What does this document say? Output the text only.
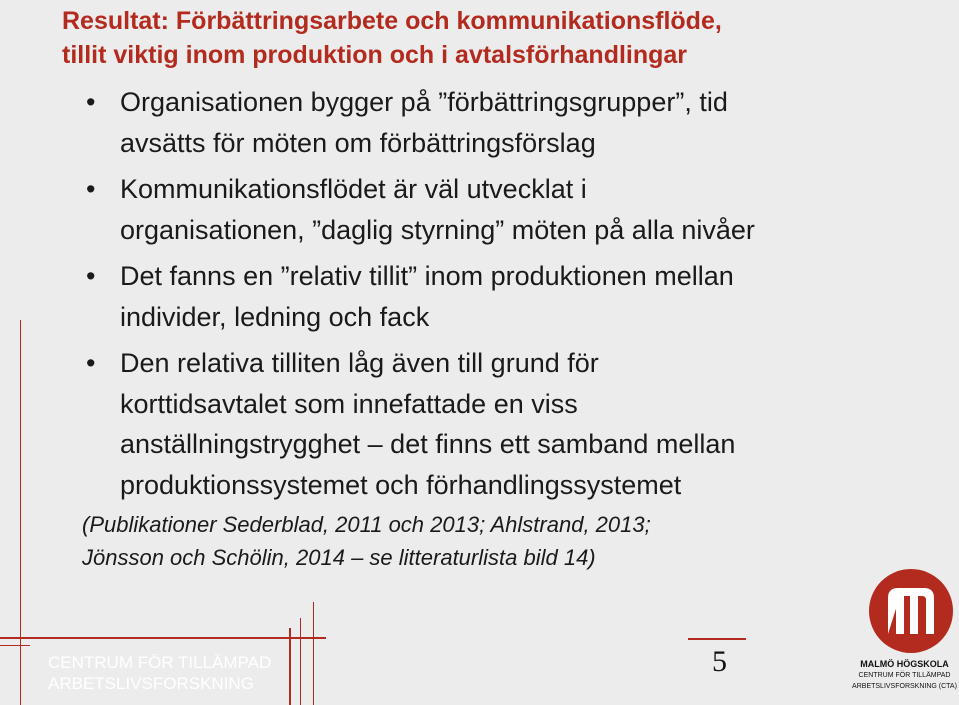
Resultat: Förbättringsarbete och kommunikationsflöde,
tillit viktig inom produktion och i avtalsförhandlingar
• Organisationen bygger på ”förbättringsgrupper”, tid
avsätts för möten om förbättringsförslag
• Kommunikationsflödet är väl utvecklat i
organisationen, ”daglig styrning” möten på alla nivåer
• Det fanns en ”relativ tillit” inom produktionen mellan
individer, ledning och fack
• Den relativa tilliten låg även till grund för
korttidsavtalet som innefattade en viss
anställningstrygghet – det finns ett samband mellan
produktionssystemet och förhandlingssystemet
(Publikationer Sederblad, 2011 och 2013; Ahlstrand, 2013;
Jönsson och Schölin, 2014 – se litteraturlista bild 14)
CENTRUM FÖR TILLÄMPAD
ARBETSLIVSFORSKNING
5	MALMÖ HÖGSKOLA
CENTRUM FÖR TILLÄMPAD
ARBETSLIVSFORSKNING (CTA)
